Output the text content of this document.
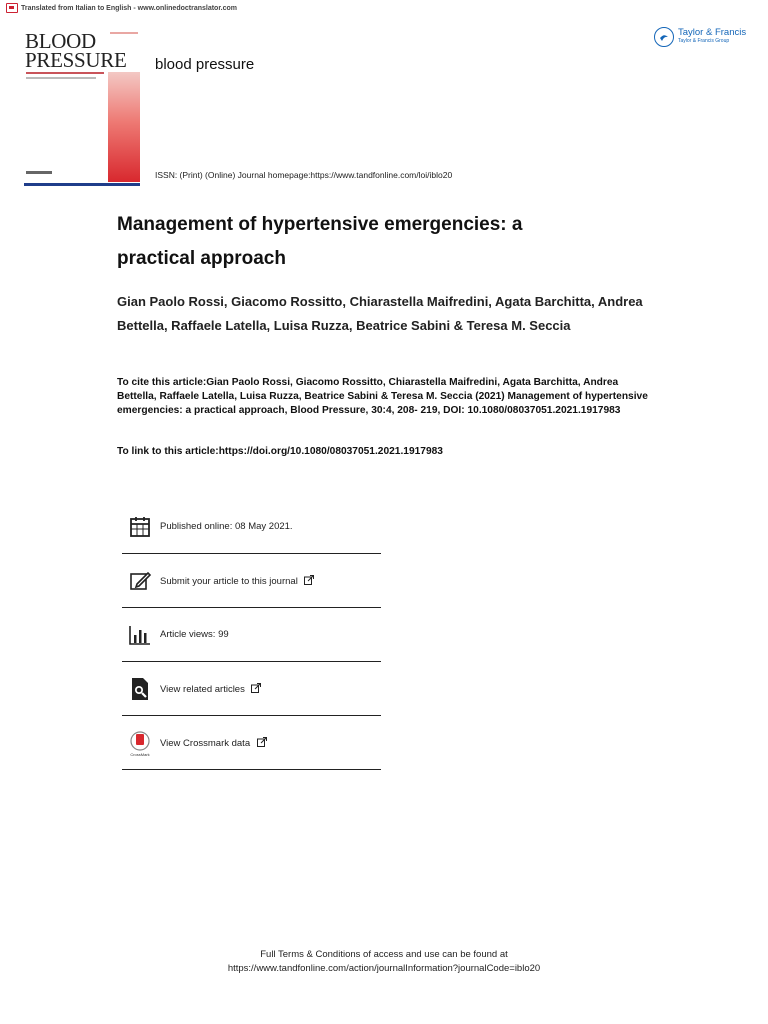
Translated from Italian to English - www.onlinedoctranslator.com
BLOOD
PRESSURE blood pressure
ISSN: (Print) (Online) Journal homepage:https://www.tandfonline.com/loi/iblo20
Taylor & Francis
Taylor & Francis Group
Management of hypertensive emergencies: a practical approach
Gian Paolo Rossi, Giacomo Rossitto, Chiarastella Maifredini, Agata Barchitta, Andrea Bettella, Raffaele Latella, Luisa Ruzza, Beatrice Sabini & Teresa M. Seccia
To cite this article:Gian Paolo Rossi, Giacomo Rossitto, Chiarastella Maifredini, Agata Barchitta, Andrea Bettella, Raffaele Latella, Luisa Ruzza, Beatrice Sabini & Teresa M. Seccia (2021) Management of hypertensive emergencies: a practical approach, Blood Pressure, 30:4, 208- 219, DOI: 10.1080/08037051.2021.1917983
To link to this article:https://doi.org/10.1080/08037051.2021.1917983
Published online: 08 May 2021.
Submit your article to this journal
Article views: 99
View related articles
CrossMark
View Crossmark data
Full Terms & Conditions of access and use can be found at
https://www.tandfonline.com/action/journalInformation?journalCode=iblo20
